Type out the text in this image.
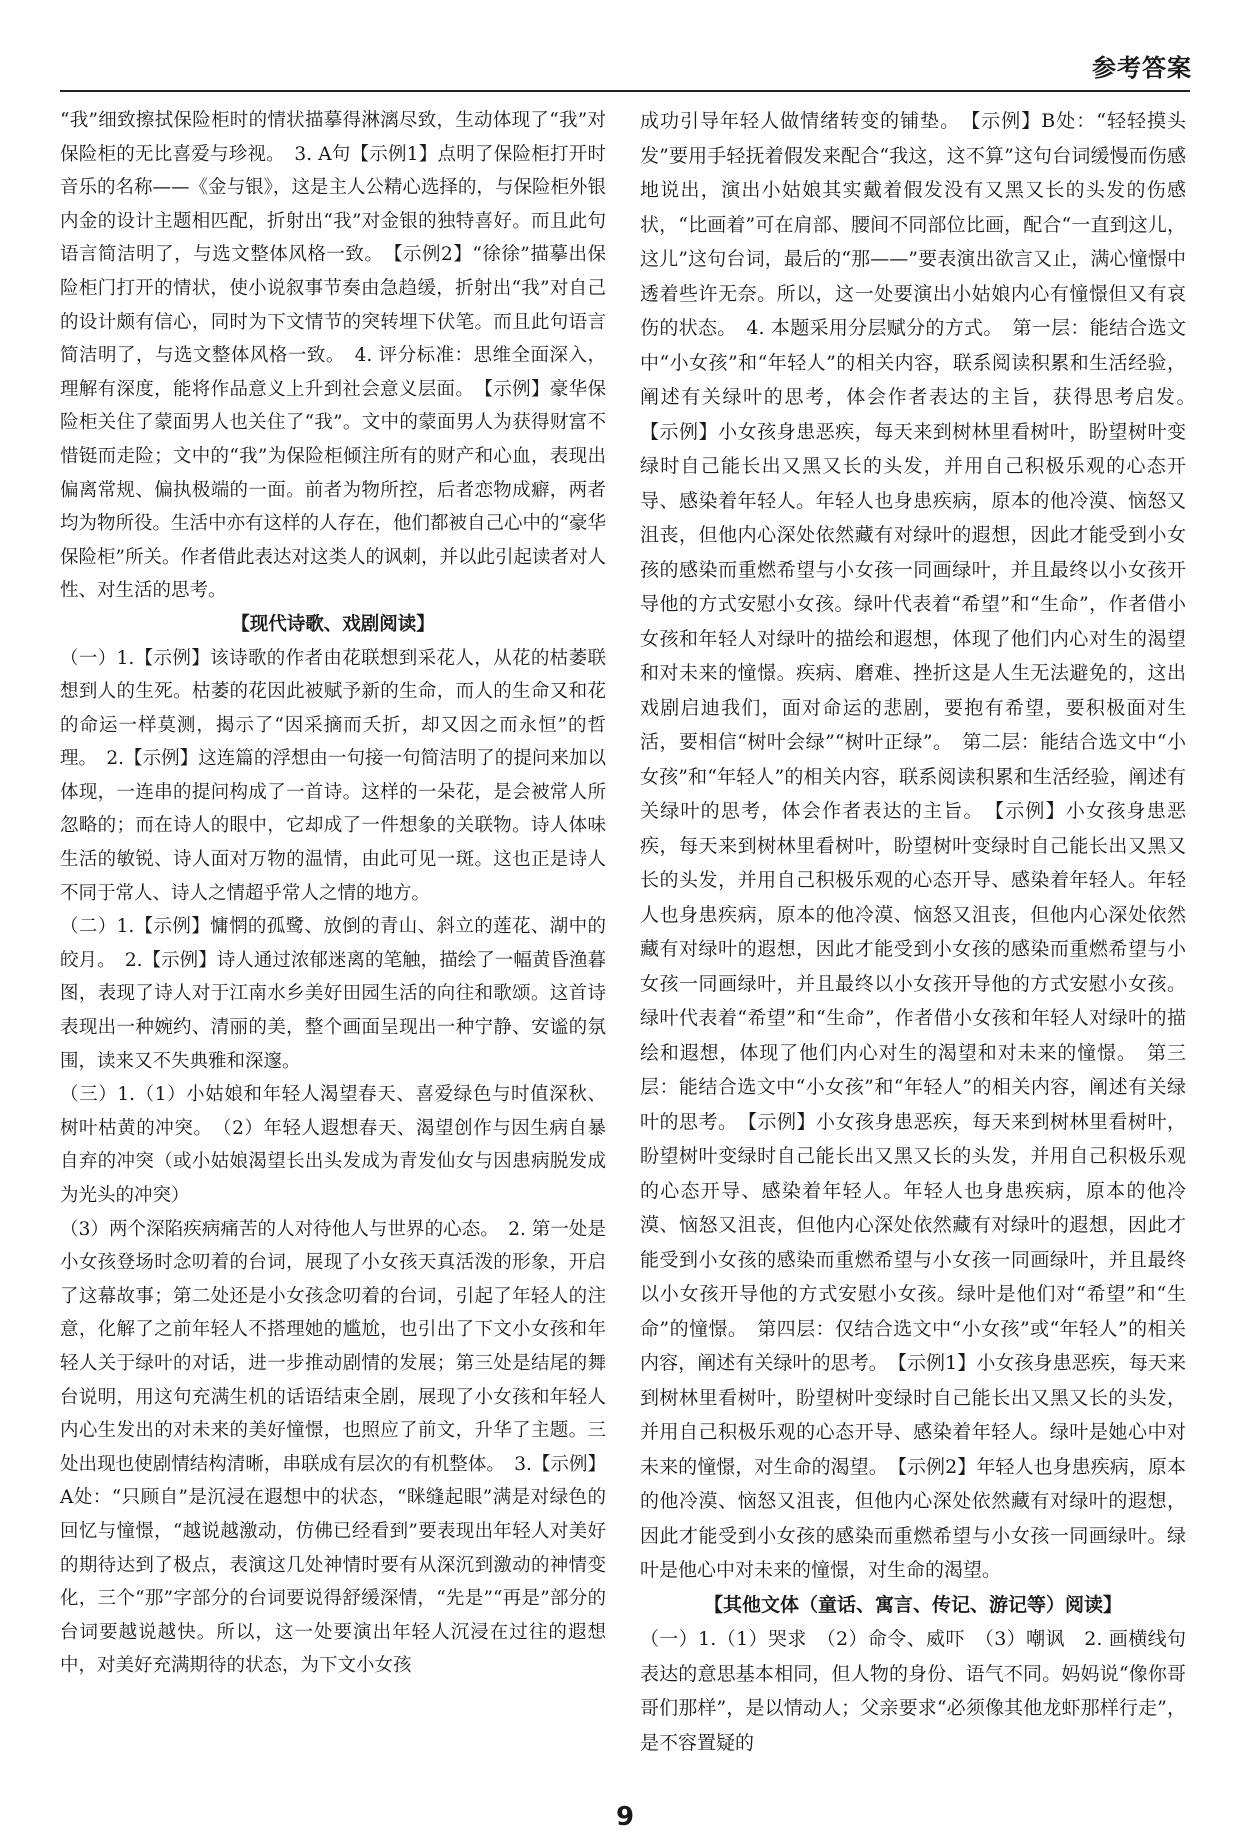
参考答案

“我”细致擦拭保险柜时的情状描摹得淋漓尽致，生动体现了“我”对保险柜的无比喜爱与珍视。　3. A句【示例1】点明了保险柜打开时音乐的名称——《金与银》，这是主人公精心选择的，与保险柜外银内金的设计主题相匹配，折射出“我”对金银的独特喜好。而且此句语言简洁明了，与选文整体风格一致。　【示例2】“徐徐”描摹出保险柜门打开的情状，使小说叙事节奏由急趋缓，折射出“我”对自己的设计颇有信心，同时为下文情节的突转埋下伏笔。而且此句语言简洁明了，与选文整体风格一致。　4. 评分标准：思维全面深入，理解有深度，能将作品意义上升到社会意义层面。　【示例】豪华保险柜关住了蒙面男人也关住了“我”。文中的蒙面男人为获得财富不惜铤而走险；文中的“我”为保险柜倾注所有的财产和心血，表现出偏离常规、偏执极端的一面。前者为物所控，后者恋物成癖，两者均为物所役。生活中亦有这样的人存在，他们都被自己心中的“豪华保险柜”所关。作者借此表达对这类人的讽刺，并以此引起读者对人性、对生活的思考。

【现代诗歌、戏剧阅读】

（一）1.【示例】该诗歌的作者由花联想到采花人，从花的枯萎联想到人的生死。枯萎的花因此被赋予新的生命，而人的生命又和花的命运一样莫测，揭示了“因采摘而夭折，却又因之而永恒”的哲理。　2.【示例】这连篇的浮想由一句接一句简洁明了的提问来加以体现，一连串的提问构成了一首诗。这样的一朵花，是会被常人所忽略的；而在诗人的眼中，它却成了一件想象的关联物。诗人体味生活的敏锐、诗人面对万物的温情，由此可见一斑。这也正是诗人不同于常人、诗人之情超乎常人之情的地方。

（二）1.【示例】慵惘的孤鹭、放倒的青山、斜立的莲花、湖中的皎月。　2.【示例】诗人通过浓郁迷离的笔触，描绘了一幅黄昏渔暮图，表现了诗人对于江南水乡美好田园生活的向往和歌颂。这首诗表现出一种婉约、清丽的美，整个画面呈现出一种宁静、安谧的氛围，读来又不失典雅和深邃。

（三）1.（1）小姑娘和年轻人渴望春天、喜爱绿色与时值深秋、树叶枯黄的冲突。　（2）年轻人遐想春天、渴望创作与因生病自暴自弃的冲突（或小姑娘渴望长出头发成为青发仙女与因患病脱发成为光头的冲突）

（3）两个深陷疾病痛苦的人对待他人与世界的心态。　2. 第一处是小女孩登场时念叨着的台词，展现了小女孩天真活泼的形象，开启了这幕故事；第二处还是小女孩念叨着的台词，引起了年轻人的注意，化解了之前年轻人不搭理她的尴尬，也引出了下文小女孩和年轻人关于绿叶的对话，进一步推动剧情的发展；第三处是结尾的舞台说明，用这句充满生机的话语结束全剧，展现了小女孩和年轻人内心生发出的对未来的美好憧憬，也照应了前文，升华了主题。三处出现也使剧情结构清晰，串联成有层次的有机整体。　3.【示例】A处：“只顾自”是沉浸在遐想中的状态，“眯缝起眼”满是对绿色的回忆与憧憬，“越说越激动，仿佛已经看到”要表现出年轻人对美好的期待达到了极点，表演这几处神情时要有从深沉到激动的神情变化，三个“那”字部分的台词要说得舒缓深情，“先是”“再是”部分的台词要越说越快。所以，这一处要演出年轻人沉浸在过往的遐想中，对美好充满期待的状态，为下文小女孩

成功引导年轻人做情绪转变的铺垫。　【示例】B处：“轻轻摸头发”要用手轻抚着假发来配合“我这，这不算”这句台词缓慢而伤感地说出，演出小姑娘其实戴着假发没有又黑又长的头发的伤感状，“比画着”可在肩部、腰间不同部位比画，配合“一直到这儿，这儿”这句台词，最后的“那——”要表演出欲言又止，满心憧憬中透着些许无奈。所以，这一处要演出小姑娘内心有憧憬但又有哀伤的状态。　4. 本题采用分层赋分的方式。　第一层：能结合选文中“小女孩”和“年轻人”的相关内容，联系阅读积累和生活经验，阐述有关绿叶的思考，体会作者表达的主旨，获得思考启发。　【示例】小女孩身患恶疾，每天来到树林里看树叶，盼望树叶变绿时自己能长出又黑又长的头发，并用自己积极乐观的心态开导、感染着年轻人。年轻人也身患疾病，原本的他冷漠、恼怒又沮丧，但他内心深处依然藏有对绿叶的遐想，因此才能受到小女孩的感染而重燃希望与小女孩一同画绿叶，并且最终以小女孩开导他的方式安慰小女孩。绿叶代表着“希望”和“生命”，作者借小女孩和年轻人对绿叶的描绘和遐想，体现了他们内心对生的渴望和对未来的憧憬。疾病、磨难、挫折这是人生无法避免的，这出戏剧启迪我们，面对命运的悲剧，要抱有希望，要积极面对生活，要相信“树叶会绿”“树叶正绿”。　第二层：能结合选文中“小女孩”和“年轻人”的相关内容，联系阅读积累和生活经验，阐述有关绿叶的思考，体会作者表达的主旨。　【示例】小女孩身患恶疾，每天来到树林里看树叶，盼望树叶变绿时自己能长出又黑又长的头发，并用自己积极乐观的心态开导、感染着年轻人。年轻人也身患疾病，原本的他冷漠、恼怒又沮丧，但他内心深处依然藏有对绿叶的遐想，因此才能受到小女孩的感染而重燃希望与小女孩一同画绿叶，并且最终以小女孩开导他的方式安慰小女孩。绿叶代表着“希望”和“生命”，作者借小女孩和年轻人对绿叶的描绘和遐想，体现了他们内心对生的渴望和对未来的憧憬。　第三层：能结合选文中“小女孩”和“年轻人”的相关内容，阐述有关绿叶的思考。　【示例】小女孩身患恶疾，每天来到树林里看树叶，盼望树叶变绿时自己能长出又黑又长的头发，并用自己积极乐观的心态开导、感染着年轻人。年轻人也身患疾病，原本的他冷漠、恼怒又沮丧，但他内心深处依然藏有对绿叶的遐想，因此才能受到小女孩的感染而重燃希望与小女孩一同画绿叶，并且最终以小女孩开导他的方式安慰小女孩。绿叶是他们对“希望”和“生命”的憧憬。　第四层：仅结合选文中“小女孩”或“年轻人”的相关内容，阐述有关绿叶的思考。　【示例1】小女孩身患恶疾，每天来到树林里看树叶，盼望树叶变绿时自己能长出又黑又长的头发，并用自己积极乐观的心态开导、感染着年轻人。绿叶是她心中对未来的憧憬，对生命的渴望。　【示例2】年轻人也身患疾病，原本的他冷漠、恼怒又沮丧，但他内心深处依然藏有对绿叶的遐想，因此才能受到小女孩的感染而重燃希望与小女孩一同画绿叶。绿叶是他心中对未来的憧憬，对生命的渴望。

【其他文体（童话、寓言、传记、游记等）阅读】

（一）1.（1）哭求　（2）命令、威吓　（3）嘲讽　2. 画横线句表达的意思基本相同，但人物的身份、语气不同。妈妈说“像你哥哥们那样”，是以情动人；父亲要求“必须像其他龙虾那样行走”，是不容置疑的

9
